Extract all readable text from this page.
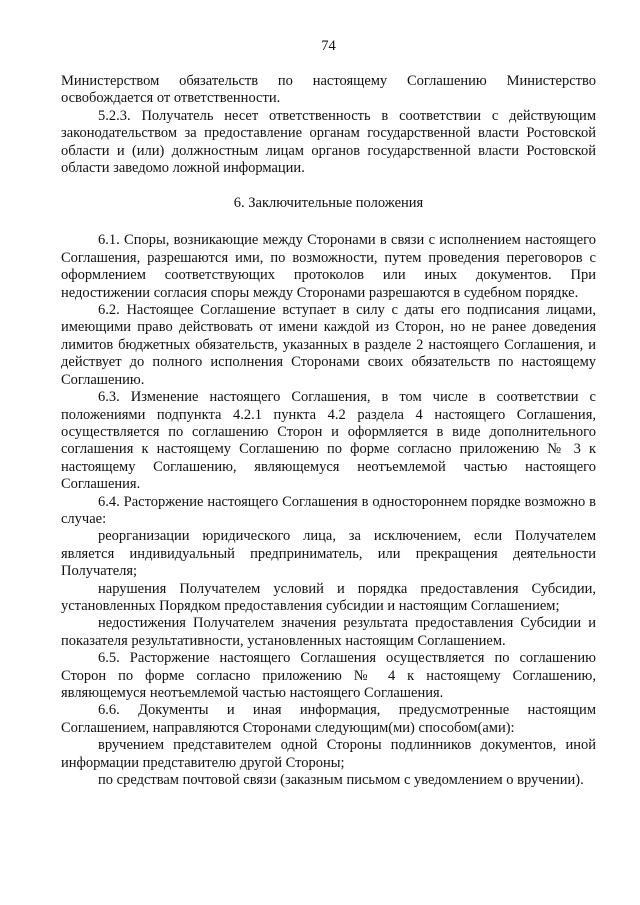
74

Министерством обязательств по настоящему Соглашению Министерство освобождается от ответственности.

5.2.3. Получатель несет ответственность в соответствии с действующим законодательством за предоставление органам государственной власти Ростовской области и (или) должностным лицам органов государственной власти Ростовской области заведомо ложной информации.

6. Заключительные положения

6.1. Споры, возникающие между Сторонами в связи с исполнением настоящего Соглашения, разрешаются ими, по возможности, путем проведения переговоров с оформлением соответствующих протоколов или иных документов. При недостижении согласия споры между Сторонами разрешаются в судебном порядке.

6.2. Настоящее Соглашение вступает в силу с даты его подписания лицами, имеющими право действовать от имени каждой из Сторон, но не ранее доведения лимитов бюджетных обязательств, указанных в разделе 2 настоящего Соглашения, и действует до полного исполнения Сторонами своих обязательств по настоящему Соглашению.

6.3. Изменение настоящего Соглашения, в том числе в соответствии с положениями подпункта 4.2.1 пункта 4.2 раздела 4 настоящего Соглашения, осуществляется по соглашению Сторон и оформляется в виде дополнительного соглашения к настоящему Соглашению по форме согласно приложению № 3 к настоящему Соглашению, являющемуся неотъемлемой частью настоящего Соглашения.

6.4. Расторжение настоящего Соглашения в одностороннем порядке возможно в случае:

реорганизации юридического лица, за исключением, если Получателем является индивидуальный предприниматель, или прекращения деятельности Получателя;

нарушения Получателем условий и порядка предоставления Субсидии, установленных Порядком предоставления субсидии и настоящим Соглашением;

недостижения Получателем значения результата предоставления Субсидии и показателя результативности, установленных настоящим Соглашением.

6.5. Расторжение настоящего Соглашения осуществляется по соглашению Сторон по форме согласно приложению № 4 к настоящему Соглашению, являющемуся неотъемлемой частью настоящего Соглашения.

6.6. Документы и иная информация, предусмотренные настоящим Соглашением, направляются Сторонами следующим(ми) способом(ами):

вручением представителем одной Стороны подлинников документов, иной информации представителю другой Стороны;

по средствам почтовой связи (заказным письмом с уведомлением о вручении).
